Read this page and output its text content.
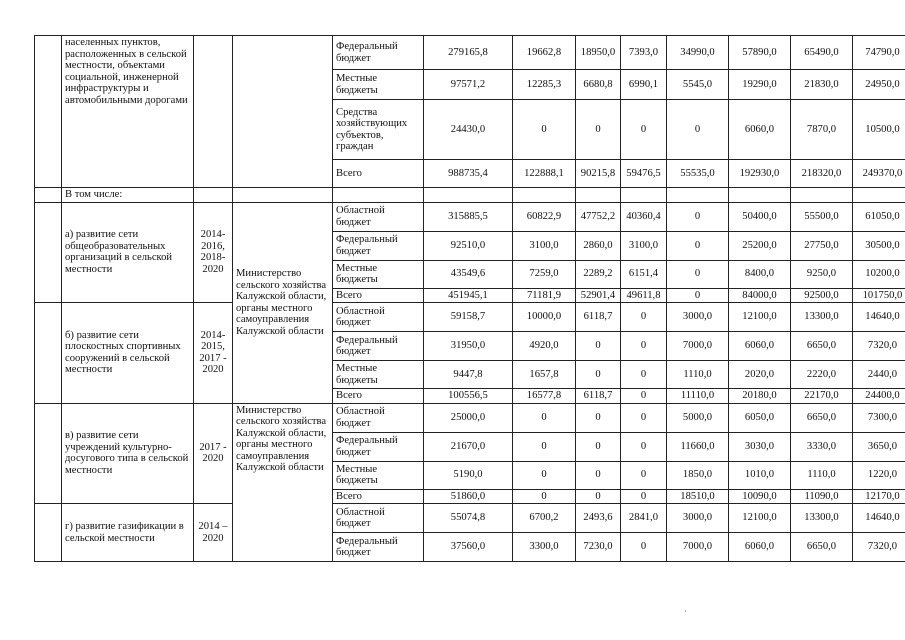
	населенных пунктов, расположенных в сельской местности, объектами социальной, инженерной инфраструктуры и автомобильными дорогами			Федеральный бюджет	279165,8	19662,8	18950,0	7393,0	34990,0	57890,0	65490,0	74790,0
				Местные бюджеты	97571,2	12285,3	6680,8	6990,1	5545,0	19290,0	21830,0	24950,0
				Средства хозяйствующих субъектов, граждан	24430,0	0	0	0	0	6060,0	7870,0	10500,0
				Всего	988735,4	122888,1	90215,8	59476,5	55535,0	192930,0	218320,0	249370,0
	В том числе:											
	а) развитие сети общеобразовательных организаций в сельской местности	2014-2016, 2018-2020	Министерство сельского хозяйства Калужской области, органы местного самоуправления Калужской области	Областной бюджет	315885,5	60822,9	47752,2	40360,4	0	50400,0	55500,0	61050,0
				Федеральный бюджет	92510,0	3100,0	2860,0	3100,0	0	25200,0	27750,0	30500,0
				Местные бюджеты	43549,6	7259,0	2289,2	6151,4	0	8400,0	9250,0	10200,0
				Всего	451945,1	71181,9	52901,4	49611,8	0	84000,0	92500,0	101750,0
	б) развитие сети плоскостных спортивных сооружений в сельской местности	2014-2015, 2017 - 2020		Областной бюджет	59158,7	10000,0	6118,7	0	3000,0	12100,0	13300,0	14640,0
				Федеральный бюджет	31950,0	4920,0	0	0	7000,0	6060,0	6650,0	7320,0
				Местные бюджеты	9447,8	1657,8	0	0	1110,0	2020,0	2220,0	2440,0
				Всего	100556,5	16577,8	6118,7	0	11110,0	20180,0	22170,0	24400,0
	в) развитие сети учреждений культурно-досугового типа в сельской местности	2017 - 2020	Министерство сельского хозяйства Калужской области, органы местного самоуправления Калужской области	Областной бюджет	25000,0	0	0	0	5000,0	6050,0	6650,0	7300,0
				Федеральный бюджет	21670,0	0	0	0	11660,0	3030,0	3330,0	3650,0
				Местные бюджеты	5190,0	0	0	0	1850,0	1010,0	1110,0	1220,0
				Всего	51860,0	0	0	0	18510,0	10090,0	11090,0	12170,0
	г) развитие газификации в сельской местности	2014 – 2020		Областной бюджет	55074,8	6700,2	2493,6	2841,0	3000,0	12100,0	13300,0	14640,0
				Федеральный бюджет	37560,0	3300,0	7230,0	0	7000,0	6060,0	6650,0	7320,0
·
